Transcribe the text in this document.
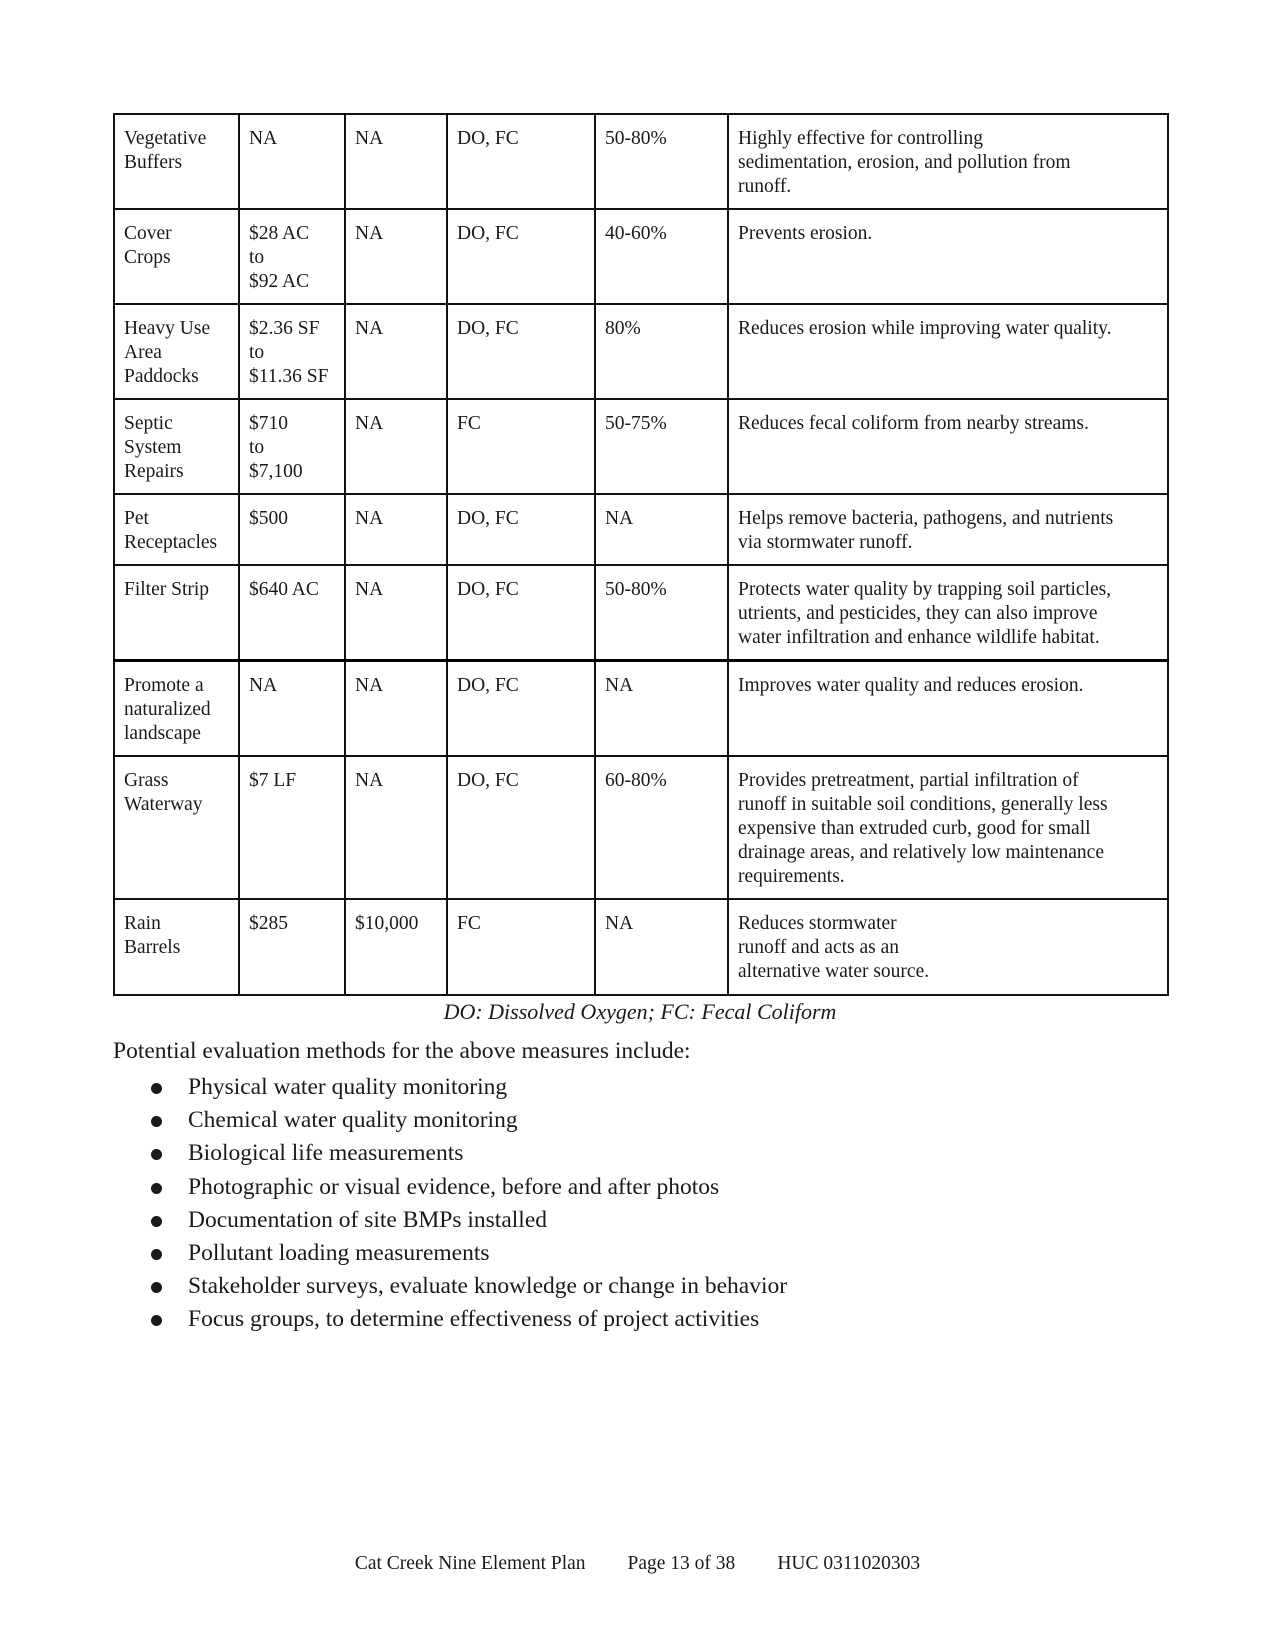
Vegetative
Buffers	NA	NA	DO, FC	50-80%	Highly effective for controlling
sedimentation, erosion, and pollution from
runoff.
Cover
Crops	$28 AC
to
$92 AC	NA	DO, FC	40-60%	Prevents erosion.
Heavy Use
Area
Paddocks	$2.36 SF
to
$11.36 SF	NA	DO, FC	80%	Reduces erosion while improving water quality.
Septic
System
Repairs	$710
to
$7,100	NA	FC	50-75%	Reduces fecal coliform from nearby streams.
Pet
Receptacles	$500	NA	DO, FC	NA	Helps remove bacteria, pathogens, and nutrients
via stormwater runoff.
Filter Strip	$640 AC	NA	DO, FC	50-80%	Protects water quality by trapping soil particles,
utrients, and pesticides, they can also improve
water infiltration and enhance wildlife habitat.
Promote a
naturalized
landscape	NA	NA	DO, FC	NA	Improves water quality and reduces erosion.
Grass
Waterway	$7 LF	NA	DO, FC	60-80%	Provides pretreatment, partial infiltration of
runoff in suitable soil conditions, generally less
expensive than extruded curb, good for small
drainage areas, and relatively low maintenance
requirements.
Rain
Barrels	$285	$10,000	FC	NA	Reduces stormwater
runoff and acts as an
alternative water source.
DO: Dissolved Oxygen; FC: Fecal Coliform
Potential evaluation methods for the above measures include:
Physical water quality monitoring
Chemical water quality monitoring
Biological life measurements
Photographic or visual evidence, before and after photos
Documentation of site BMPs installed
Pollutant loading measurements
Stakeholder surveys, evaluate knowledge or change in behavior
Focus groups, to determine effectiveness of project activities
Cat Creek Nine Element Plan Page 13 of 38 HUC 0311020303
